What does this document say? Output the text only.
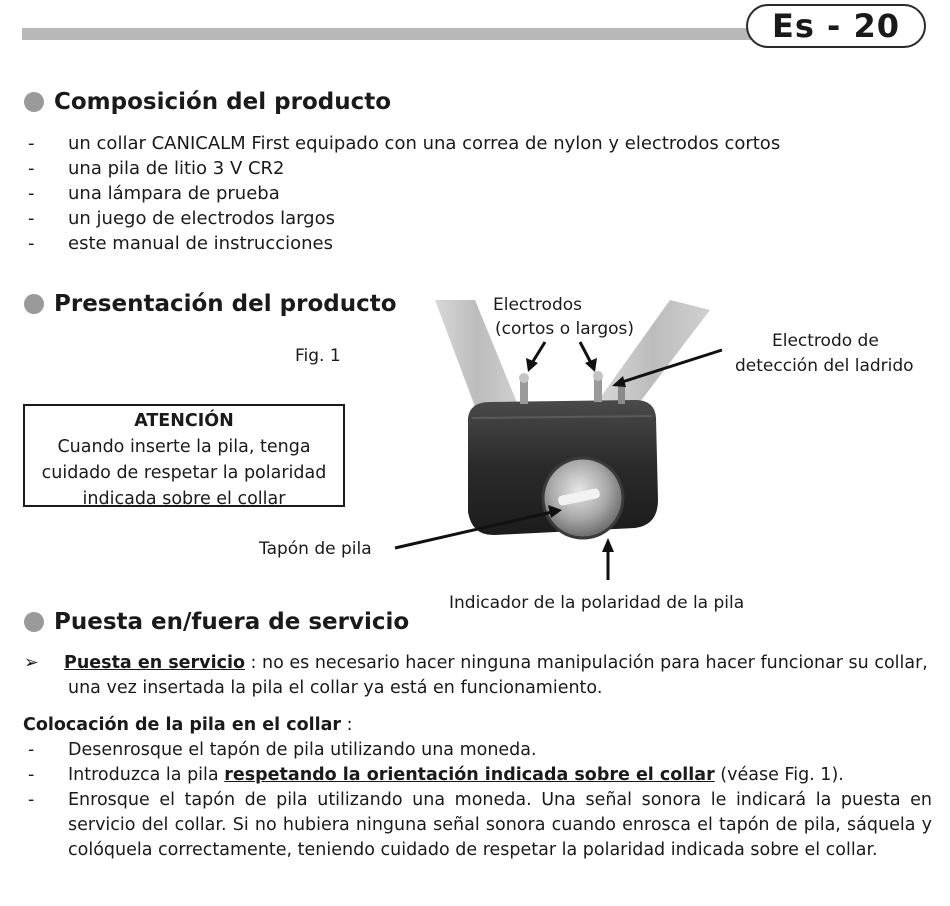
Es - 20
Composición del producto
- un collar CANICALM First equipado con una correa de nylon y electrodos cortos
- una pila de litio 3 V CR2
- una lámpara de prueba
- un juego de electrodos largos
- este manual de instrucciones
Presentación del producto
Fig. 1
ATENCIÓN
Cuando inserte la pila, tenga
cuidado de respetar la polaridad
indicada sobre el collar
Electrodos
(cortos o largos)
Electrodo de
detección del ladrido
Tapón de pila
Indicador de la polaridad de la pila
Puesta en/fuera de servicio
➢ Puesta en servicio : no es necesario hacer ninguna manipulación para hacer funcionar su collar,
una vez insertada la pila el collar ya está en funcionamiento.
Colocación de la pila en el collar :
- Desenrosque el tapón de pila utilizando una moneda.
- Introduzca la pila respetando la orientación indicada sobre el collar (véase Fig. 1).
- Enrosque el tapón de pila utilizando una moneda. Una señal sonora le indicará la puesta en servicio del collar. Si no hubiera ninguna señal sonora cuando enrosca el tapón de pila, sáquela y colóquela correctamente, teniendo cuidado de respetar la polaridad indicada sobre el collar.
